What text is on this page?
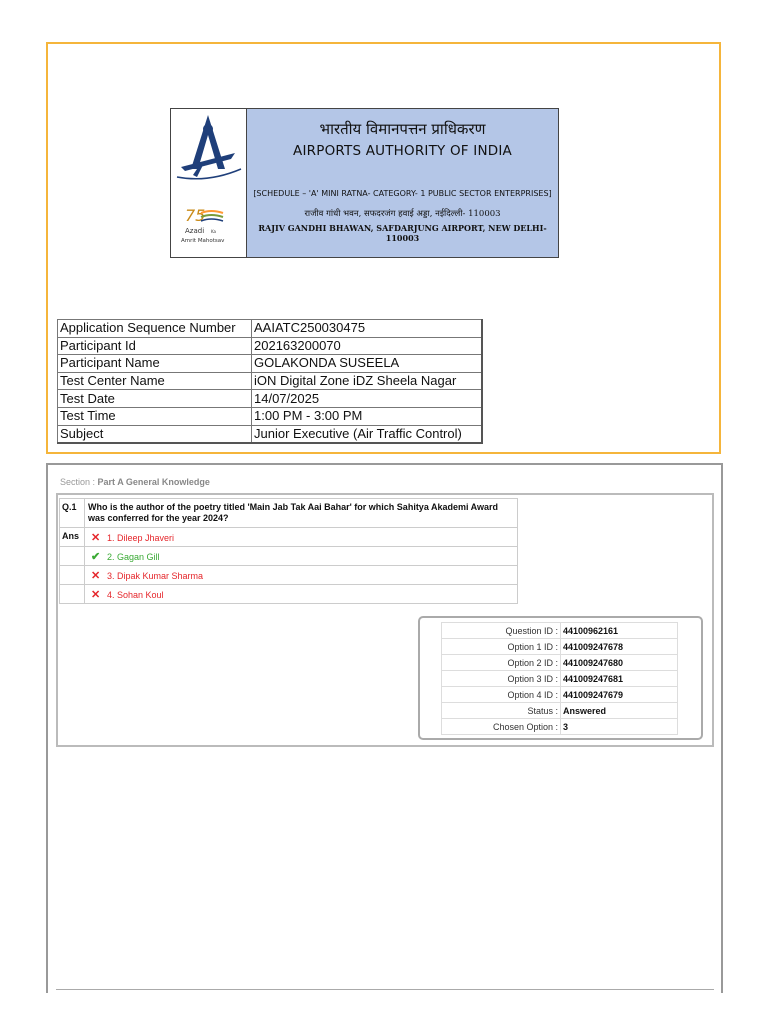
75
Azadi Ka
Amrit Mahotsav
भारतीय विमानपत्तन प्राधिकरण
AIRPORTS AUTHORITY OF INDIA
[SCHEDULE – 'A' MINI RATNA- CATEGORY- 1 PUBLIC SECTOR ENTERPRISES]
राजीव गांधी भवन, सफदरजंग हवाई अड्डा, नईदिल्ली- 110003
RAJIV GANDHI BHAWAN, SAFDARJUNG AIRPORT, NEW DELHI-110003
Application Sequence Number	AAIATC250030475
Participant Id	202163200070
Participant Name	GOLAKONDA SUSEELA
Test Center Name	iON Digital Zone iDZ Sheela Nagar
Test Date	14/07/2025
Test Time	1:00 PM - 3:00 PM
Subject	Junior Executive (Air Traffic Control)
Section : Part A General Knowledge
Q.1	Who is the author of the poetry titled 'Main Jab Tak Aai Bahar' for which Sahitya Akademi Award was conferred for the year 2024?
Ans	✕ 1. Dileep Jhaveri
	✔ 2. Gagan Gill
	✕ 3. Dipak Kumar Sharma
	✕ 4. Sohan Koul
Question ID :	44100962161
Option 1 ID :	441009247678
Option 2 ID :	441009247680
Option 3 ID :	441009247681
Option 4 ID :	441009247679
Status :	Answered
Chosen Option :	3
